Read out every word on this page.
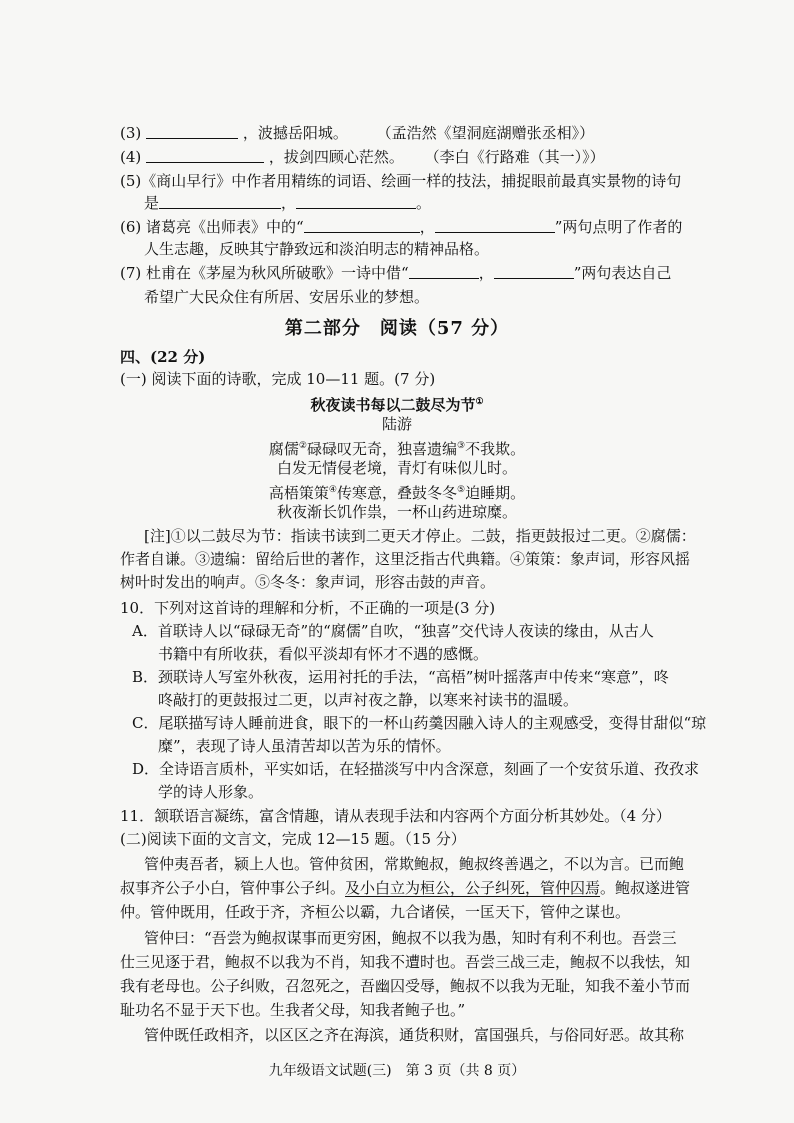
(3)	，波撼岳阳城。 （孟浩然《望洞庭湖赠张丞相》）
(4)	，拔剑四顾心茫然。 （李白《行路难（其一）》）
(5)《商山早行》中作者用精练的词语、绘画一样的技法，捕捉眼前最真实景物的诗句
是	，	。
(6) 诸葛亮《出师表》中的“	，	”两句点明了作者的
人生志趣，反映其宁静致远和淡泊明志的精神品格。
(7) 杜甫在《茅屋为秋风所破歌》一诗中借“	，	”两句表达自己
希望广大民众住有所居、安居乐业的梦想。
第二部分　阅读（57 分）
四、(22 分)
(一) 阅读下面的诗歌，完成 10—11 题。(7 分)
秋夜读书每以二鼓尽为节①
陆游
腐儒②碌碌叹无奇，独喜遗编③不我欺。
白发无情侵老境，青灯有味似儿时。
高梧策策④传寒意，叠鼓冬冬⑤迫睡期。
秋夜渐长饥作祟，一杯山药进琼糜。
[注]①以二鼓尽为节：指读书读到二更天才停止。二鼓，指更鼓报过二更。②腐儒：
作者自谦。③遗编：留给后世的著作，这里泛指古代典籍。④策策：象声词，形容风摇
树叶时发出的响声。⑤冬冬：象声词，形容击鼓的声音。
10．下列对这首诗的理解和分析，不正确的一项是(3 分)
A．首联诗人以“碌碌无奇”的“腐儒”自吹，“独喜”交代诗人夜读的缘由，从古人
书籍中有所收获，看似平淡却有怀才不遇的感慨。
B．颈联诗人写室外秋夜，运用衬托的手法，“高梧”树叶摇落声中传来“寒意”，咚
咚敲打的更鼓报过二更，以声衬夜之静，以寒来衬读书的温暖。
C．尾联描写诗人睡前进食，眼下的一杯山药羹因融入诗人的主观感受，变得甘甜似“琼
糜”，表现了诗人虽清苦却以苦为乐的情怀。
D．全诗语言质朴，平实如话，在轻描淡写中内含深意，刻画了一个安贫乐道、孜孜求
学的诗人形象。
11．颔联语言凝练，富含情趣，请从表现手法和内容两个方面分析其妙处。（4 分）
(二)阅读下面的文言文，完成 12—15 题。（15 分）
管仲夷吾者，颍上人也。管仲贫困，常欺鲍叔，鲍叔终善遇之，不以为言。已而鲍
叔事齐公子小白，管仲事公子纠。及小白立为桓公，公子纠死，管仲囚焉。鲍叔遂进管
仲。管仲既用，任政于齐，齐桓公以霸，九合诸侯，一匡天下，管仲之谋也。
管仲曰：“吾尝为鲍叔谋事而更穷困，鲍叔不以我为愚，知时有利不利也。吾尝三
仕三见逐于君，鲍叔不以我为不肖，知我不遭时也。吾尝三战三走，鲍叔不以我怯，知
我有老母也。公子纠败，召忽死之，吾幽囚受辱，鲍叔不以我为无耻，知我不羞小节而
耻功名不显于天下也。生我者父母，知我者鲍子也。”
九年级语文试题(三)　第 3 页（共 8 页）
管仲既任政相齐，以区区之齐在海滨，通货积财，富国强兵，与俗同好恶。故其称
